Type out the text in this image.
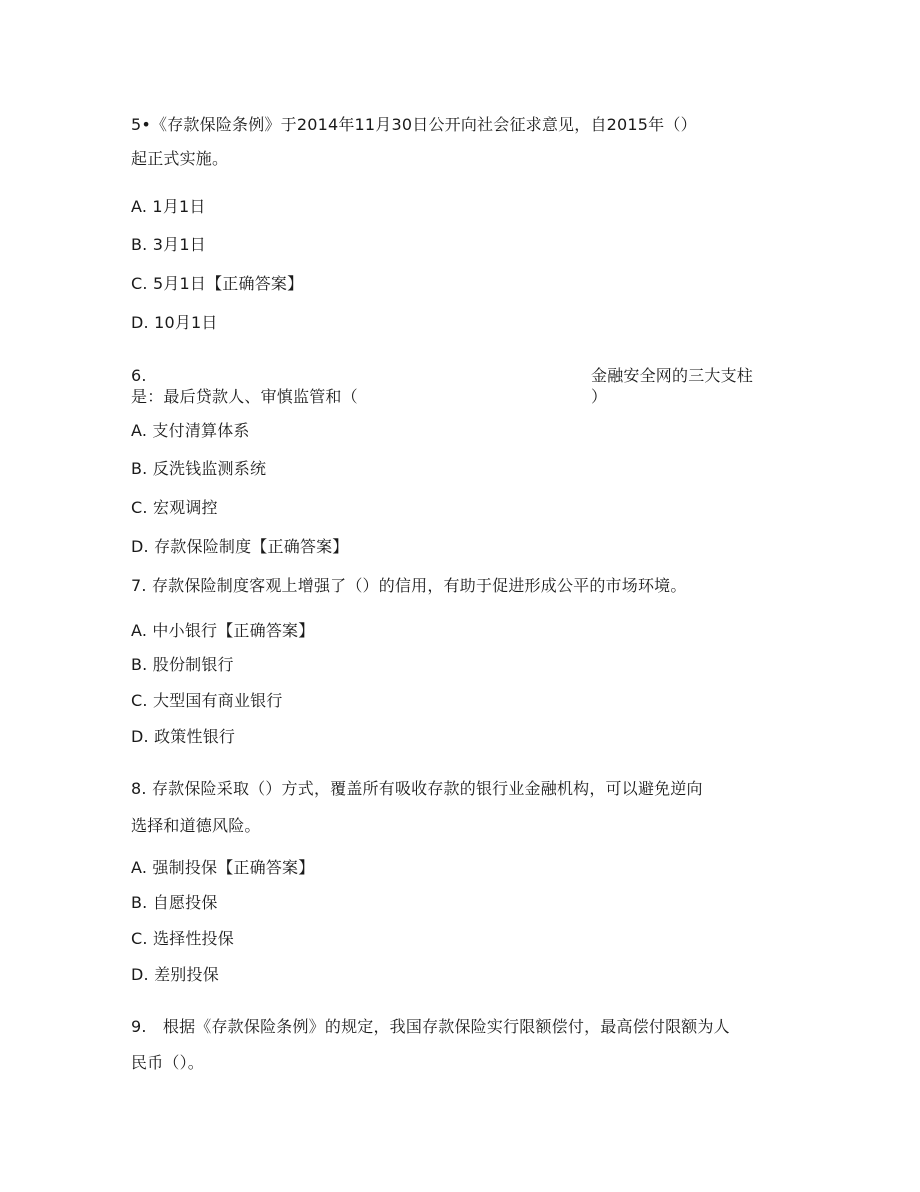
5•《存款保险条例》于2014年11月30日公开向社会征求意见，自2015年（）
起正式实施。
A. 1月1日
B. 3月1日
C. 5月1日【正确答案】
D. 10月1日
6.	金融安全网的三大支柱
是：最后贷款人、审慎监管和（	）
A. 支付清算体系
B. 反洗钱监测系统
C. 宏观调控
D. 存款保险制度【正确答案】
7. 存款保险制度客观上增强了（）的信用，有助于促进形成公平的市场环境。
A. 中小银行【正确答案】
B. 股份制银行
C. 大型国有商业银行
D. 政策性银行
8. 存款保险采取（）方式，覆盖所有吸收存款的银行业金融机构，可以避免逆向
选择和道德风险。
A. 强制投保【正确答案】
B. 自愿投保
C. 选择性投保
D. 差别投保
9.　根据《存款保险条例》的规定，我国存款保险实行限额偿付，最高偿付限额为人
民币（）。
